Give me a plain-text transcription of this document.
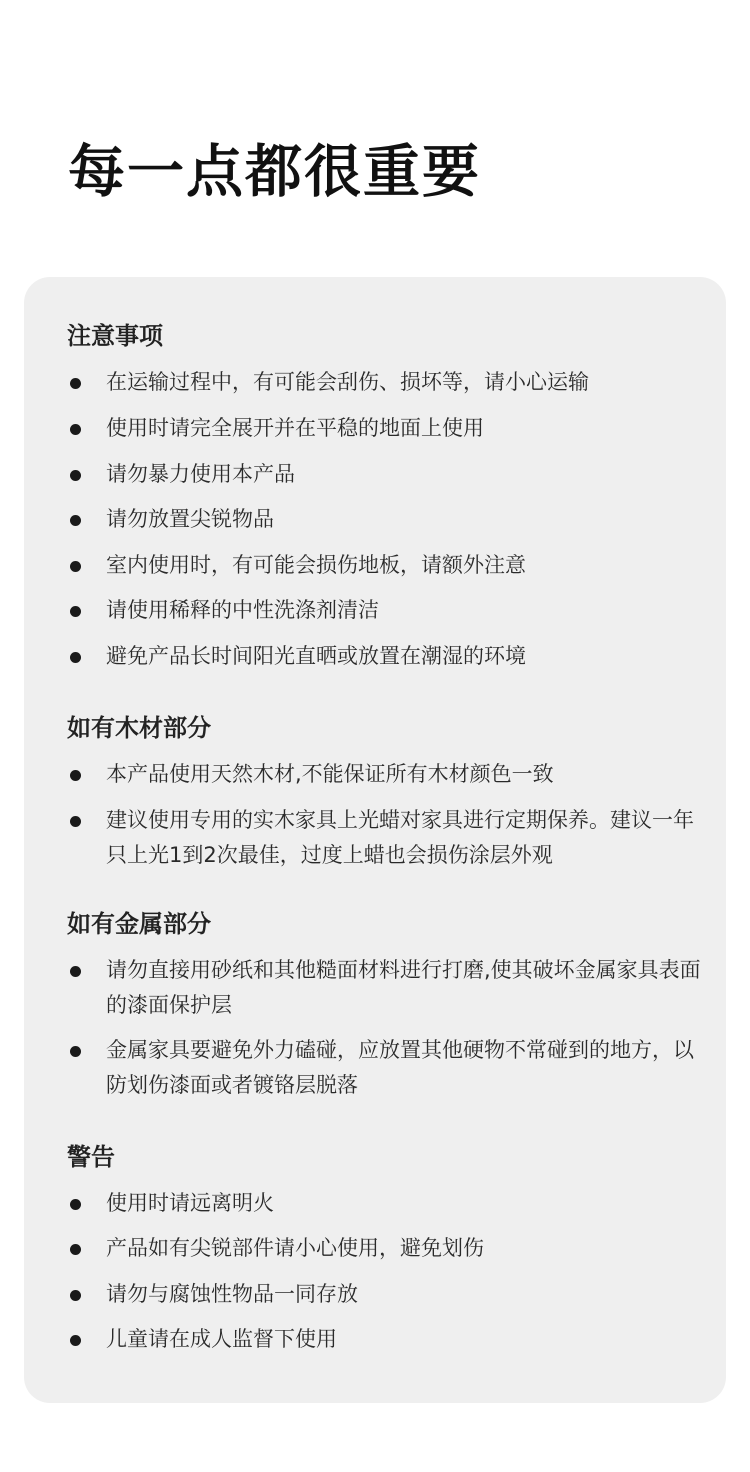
每一点都很重要
注意事项
在运输过程中，有可能会刮伤、损坏等，请小心运输
使用时请完全展开并在平稳的地面上使用
请勿暴力使用本产品
请勿放置尖锐物品
室内使用时，有可能会损伤地板，请额外注意
请使用稀释的中性洗涤剂清洁
避免产品长时间阳光直晒或放置在潮湿的环境
如有木材部分
本产品使用天然木材,不能保证所有木材颜色一致
建议使用专用的实木家具上光蜡对家具进行定期保养。建议一年只上光1到2次最佳，过度上蜡也会损伤涂层外观
如有金属部分
请勿直接用砂纸和其他糙面材料进行打磨,使其破坏金属家具表面的漆面保护层
金属家具要避免外力磕碰，应放置其他硬物不常碰到的地方，以防划伤漆面或者镀铬层脱落
警告
使用时请远离明火
产品如有尖锐部件请小心使用，避免划伤
请勿与腐蚀性物品一同存放
儿童请在成人监督下使用
